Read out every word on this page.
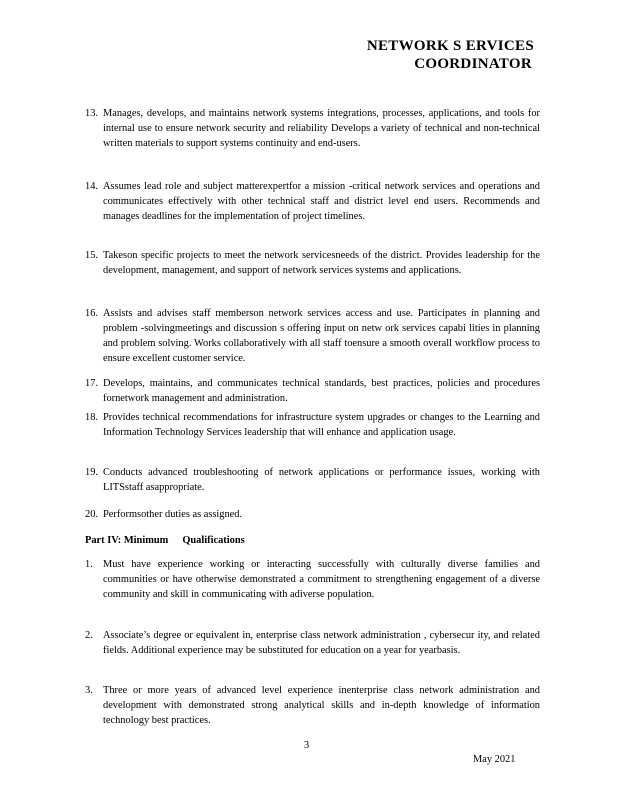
NETWORK S ERVICES
COORDINATOR
13. Manages, develops, and maintains network systems integrations, processes, applications, and tools for internal use to ensure network security and reliability Develops a variety of technical and non-technical written materials to support systems continuity and end-users.
14. Assumes lead role and subject matterexpertfor a mission -critical network services and operations and communicates effectively with other technical staff and district level end users. Recommends and manages deadlines for the implementation of project timelines.
15. Takeson specific projects to meet the network servicesneeds of the district. Provides leadership for the development, management, and support of network services systems and applications.
16. Assists and advises staff memberson network services access and use. Participates in planning and problem -solvingmeetings and discussion s offering input on netw ork services capabi lities in planning and problem solving. Works collaboratively with all staff toensure a smooth overall workflow process to ensure excellent customer service.
17. Develops, maintains, and communicates technical standards, best practices, policies and procedures fornetwork management and administration.
18. Provides technical recommendations for infrastructure system upgrades or changes to the Learning and Information Technology Services leadership that will enhance and application usage.
19. Conducts advanced troubleshooting of network applications or performance issues, working with LITSstaff asappropriate.
20. Performsother duties as assigned.
Part IV: Minimum Qualifications
1. Must have experience working or interacting successfully with culturally diverse families and communities or have otherwise demonstrated a commitment to strengthening engagement of a diverse community and skill in communicating with adiverse population.
2. Associate’s degree or equivalent in, enterprise class network administration , cybersecur ity, and related fields. Additional experience may be substituted for education on a year for yearbasis.
3. Three or more years of advanced level experience inenterprise class network administration and development with demonstrated strong analytical skills and in-depth knowledge of information technology best practices.
3
May 2021
